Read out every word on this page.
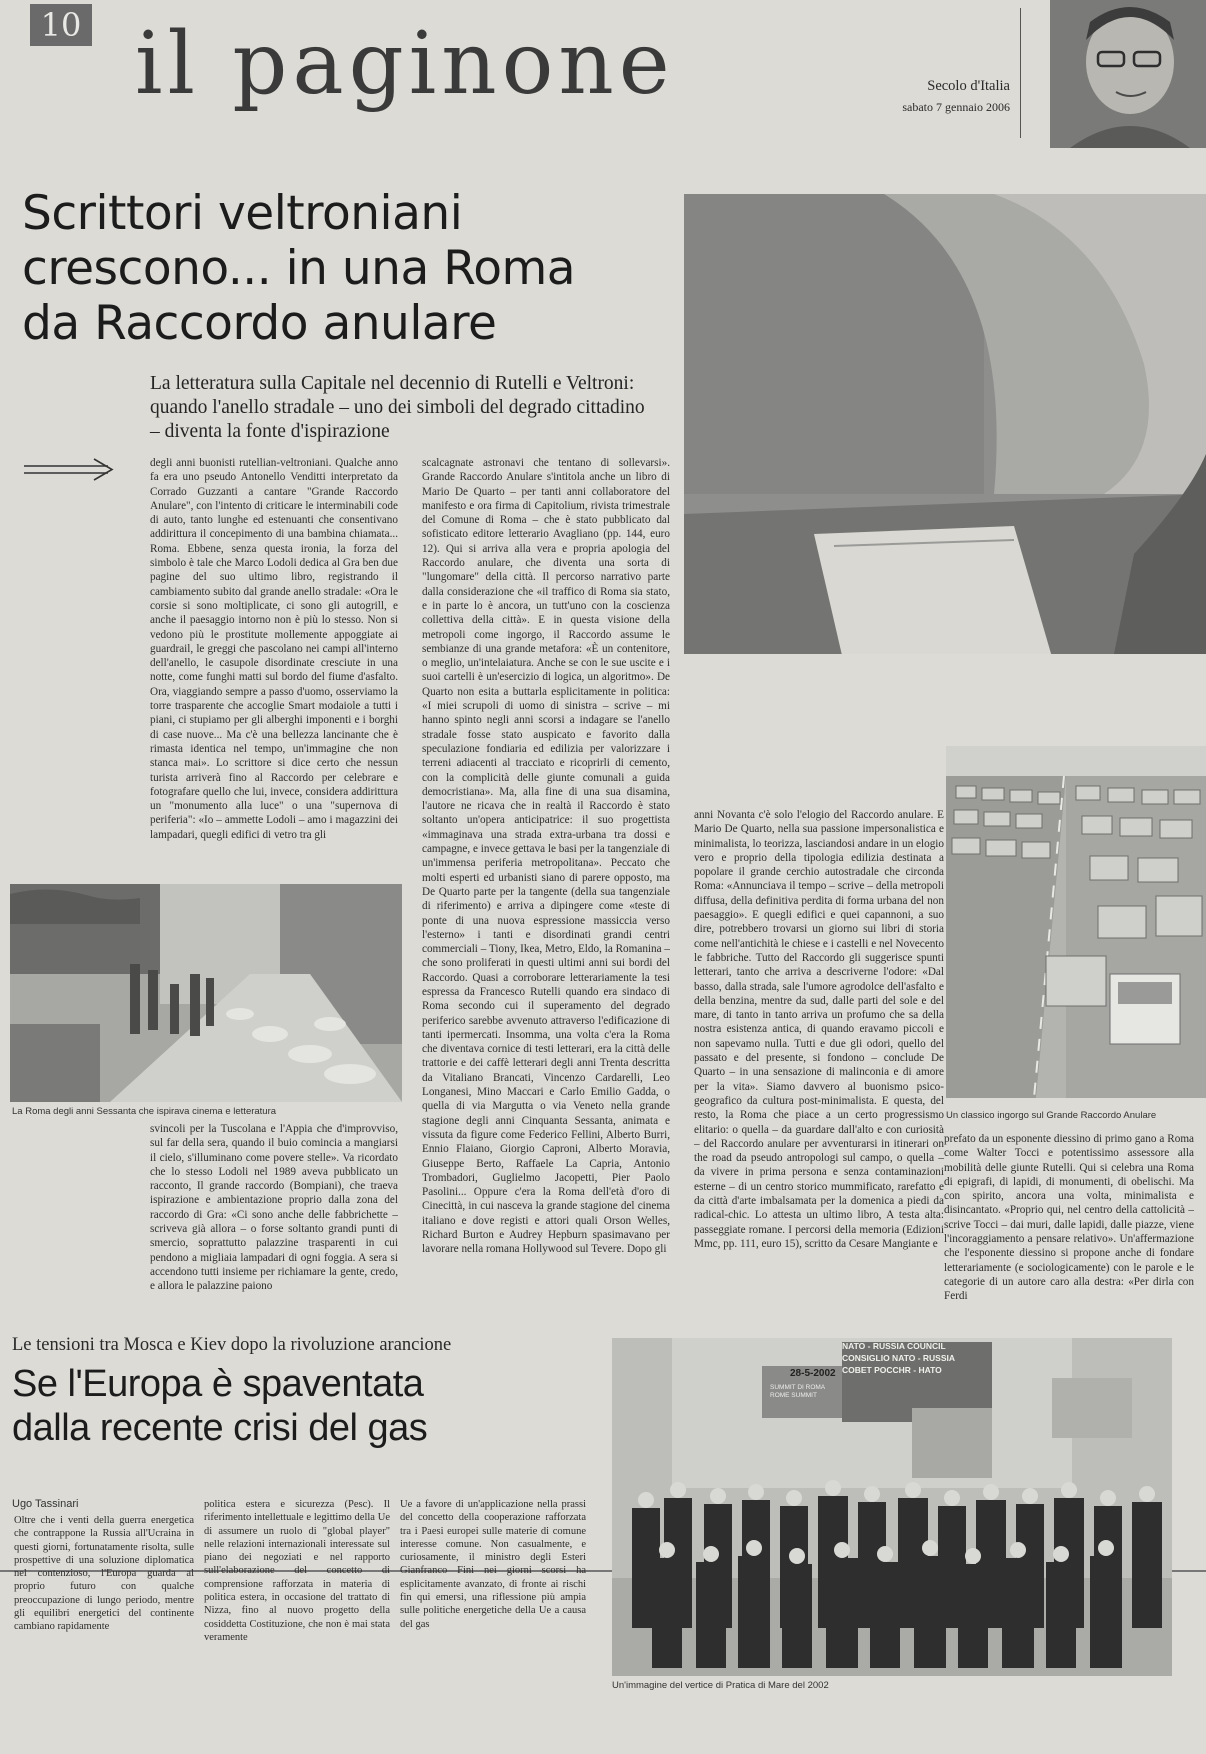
10 il paginone	Secolo d'Italia
sabato 7 gennaio 2006
Scrittori veltroniani
crescono... in una Roma
da Raccordo anulare
La letteratura sulla Capitale nel decennio di Rutelli e Veltroni: quando l'anello stradale – uno dei simboli del degrado cittadino – diventa la fonte d'ispirazione
degli anni buonisti rutellian-veltroniani. Qualche anno fa era uno pseudo Antonello Venditti interpretato da Corrado Guzzanti a cantare "Grande Raccordo Anulare", con l'intento di criticare le interminabili code di auto, tanto lunghe ed estenuanti che consentivano addirittura il concepimento di una bambina chiamata... Roma. Ebbene, senza questa ironia, la forza del simbolo è tale che Marco Lodoli dedica al Gra ben due pagine del suo ultimo libro, registrando il cambiamento subito dal grande anello stradale: «Ora le corsie si sono moltiplicate, ci sono gli autogrill, e anche il paesaggio intorno non è più lo stesso. Non si vedono più le prostitute mollemente appoggiate ai guardrail, le greggi che pascolano nei campi all'interno dell'anello, le casupole disordinate cresciute in una notte, come funghi matti sul bordo del fiume d'asfalto. Ora, viaggiando sempre a passo d'uomo, osserviamo la torre trasparente che accoglie Smart modaiole a tutti i piani, ci stupiamo per gli alberghi imponenti e i borghi di case nuove... Ma c'è una bellezza lancinante che è rimasta identica nel tempo, un'immagine che non stanca mai». Lo scrittore si dice certo che nessun turista arriverà fino al Raccordo per celebrare e fotografare quello che lui, invece, considera addirittura un "monumento alla luce" o una "supernova di periferia": «Io – ammette Lodoli – amo i magazzini dei lampadari, quegli edifici di vetro tra gli
scalcagnate astronavi che tentano di sollevarsi». Grande Raccordo Anulare s'intitola anche un libro di Mario De Quarto – per tanti anni collaboratore del manifesto e ora firma di Capitolium, rivista trimestrale del Comune di Roma – che è stato pubblicato dal sofisticato editore letterario Avagliano (pp. 144, euro 12). Qui si arriva alla vera e propria apologia del Raccordo anulare, che diventa una sorta di "lungomare" della città. Il percorso narrativo parte dalla considerazione che «il traffico di Roma sia stato, e in parte lo è ancora, un tutt'uno con la coscienza collettiva della città». E in questa visione della metropoli come ingorgo, il Raccordo assume le sembianze di una grande metafora: «È un contenitore, o meglio, un'intelaiatura. Anche se con le sue uscite e i suoi cartelli è un'esercizio di logica, un algoritmo». De Quarto non esita a buttarla esplicitamente in politica: «I miei scrupoli di uomo di sinistra – scrive – mi hanno spinto negli anni scorsi a indagare se l'anello stradale fosse stato auspicato e favorito dalla speculazione fondiaria ed edilizia per valorizzare i terreni adiacenti al tracciato e ricoprirli di cemento, con la complicità delle giunte comunali a guida democristiana». Ma, alla fine di una sua disamina, l'autore ne ricava che in realtà il Raccordo è stato soltanto un'opera anticipatrice: il suo progettista «immaginava una strada extra-urbana tra dossi e campagne, e invece gettava le basi per la tangenziale di un'immensa periferia metropolitana». Peccato che molti esperti ed urbanisti siano di parere opposto, ma De Quarto parte per la tangente (della sua tangenziale di riferimento) e arriva a dipingere come «teste di ponte di una nuova espressione massiccia verso l'esterno» i tanti e disordinati grandi centri commerciali – Tiony, Ikea, Metro, Eldo, la Romanina – che sono proliferati in questi ultimi anni sui bordi del Raccordo. Quasi a corroborare letterariamente la tesi espressa da Francesco Rutelli quando era sindaco di Roma secondo cui il superamento del degrado periferico sarebbe avvenuto attraverso l'edificazione di tanti ipermercati. Insomma, una volta c'era la Roma che diventava cornice di testi letterari, era la città delle trattorie e dei caffè letterari degli anni Trenta descritta da Vitaliano Brancati, Vincenzo Cardarelli, Leo Longanesi, Mino Maccari e Carlo Emilio Gadda, o quella di via Margutta o via Veneto nella grande stagione degli anni Cinquanta Sessanta, animata e vissuta da figure come Federico Fellini, Alberto Burri, Ennio Flaiano, Giorgio Caproni, Alberto Moravia, Giuseppe Berto, Raffaele La Capria, Antonio Trombadori, Guglielmo Jacopetti, Pier Paolo Pasolini... Oppure c'era la Roma dell'età d'oro di Cinecittà, in cui nasceva la grande stagione del cinema italiano e dove registi e attori quali Orson Welles, Richard Burton e Audrey Hepburn spasimavano per lavorare nella romana Hollywood sul Tevere. Dopo gli
svincoli per la Tuscolana e l'Appia che d'improvviso, sul far della sera, quando il buio comincia a mangiarsi il cielo, s'illuminano come povere stelle». Va ricordato che lo stesso Lodoli nel 1989 aveva pubblicato un racconto, Il grande raccordo (Bompiani), che traeva ispirazione e ambientazione proprio dalla zona del raccordo di Gra: «Ci sono anche delle fabbrichette – scriveva già allora – o forse soltanto grandi punti di smercio, soprattutto palazzine trasparenti in cui pendono a migliaia lampadari di ogni foggia. A sera si accendono tutti insieme per richiamare la gente, credo, e allora le palazzine paiono
anni Novanta c'è solo l'elogio del Raccordo anulare. E Mario De Quarto, nella sua passione impersonalistica e minimalista, lo teorizza, lasciandosi andare in un elogio vero e proprio della tipologia edilizia destinata a popolare il grande cerchio autostradale che circonda Roma: «Annunciava il tempo – scrive – della metropoli diffusa, della definitiva perdita di forma urbana del non paesaggio». E quegli edifici e quei capannoni, a suo dire, potrebbero trovarsi un giorno sui libri di storia come nell'antichità le chiese e i castelli e nel Novecento le fabbriche. Tutto del Raccordo gli suggerisce spunti letterari, tanto che arriva a descriverne l'odore: «Dal basso, dalla strada, sale l'umore agrodolce dell'asfalto e della benzina, mentre da sud, dalle parti del sole e del mare, di tanto in tanto arriva un profumo che sa della nostra esistenza antica, di quando eravamo piccoli e non sapevamo nulla. Tutti e due gli odori, quello del passato e del presente, si fondono – conclude De Quarto – in una sensazione di malinconia e di amore per la vita». Siamo davvero al buonismo psico-geografico da cultura post-minimalista. E questa, del resto, la Roma che piace a un certo progressismo elitario: o quella – da guardare dall'alto e con curiosità – del Raccordo anulare per avventurarsi in itinerari on the road da pseudo antropologi sul campo, o quella – da vivere in prima persona e senza contaminazioni esterne – di un centro storico mummificato, rarefatto e da città d'arte imbalsamata per la domenica a piedi da radical-chic. Lo attesta un ultimo libro, A testa alta: passeggiate romane. I percorsi della memoria (Edizioni Mmc, pp. 111, euro 15), scritto da Cesare Mangiante e
prefato da un esponente diessino di primo gano a Roma come Walter Tocci e potentissimo assessore alla mobilità delle giunte Rutelli. Qui si celebra una Roma di epigrafi, di lapidi, di monumenti, di obelischi. Ma con spirito, ancora una volta, minimalista e disincantato. «Proprio qui, nel centro della cattolicità – scrive Tocci – dai muri, dalle lapidi, dalle piazze, viene l'incoraggiamento a pensare relativo». Un'affermazione che l'esponente diessino si propone anche di fondare letterariamente (e sociologicamente) con le parole e le categorie di un autore caro alla destra: «Per dirla con Ferdi
Un classico ingorgo sul Grande Raccordo Anulare
La Roma degli anni Sessanta che ispirava cinema e letteratura
Le tensioni tra Mosca e Kiev dopo la rivoluzione arancione
Se l'Europa è spaventata
dalla recente crisi del gas
Ugo Tassinari
Oltre che i venti della guerra energetica che contrappone la Russia all'Ucraina in questi giorni, fortunatamente risolta, sulle prospettive di una soluzione diplomatica nel contenzioso, l'Europa guarda al proprio futuro con qualche preoccupazione di lungo periodo, mentre gli equilibri energetici del continente cambiano rapidamente
politica estera e sicurezza (Pesc). Il riferimento intellettuale e legittimo della Ue di assumere un ruolo di "global player" nelle relazioni internazionali interessate sul piano dei negoziati e nel rapporto sull'elaborazione del concetto di comprensione rafforzata in materia di politica estera, in occasione del trattato di Nizza, fino al nuovo progetto della cosiddetta Costituzione, che non è mai stata veramente
Ue a favore di un'applicazione nella prassi del concetto della cooperazione rafforzata tra i Paesi europei sulle materie di comune interesse comune. Non casualmente, e curiosamente, il ministro degli Esteri Gianfranco Fini nei giorni scorsi ha esplicitamente avanzato, di fronte ai rischi fin qui emersi, una riflessione più ampia sulle politiche energetiche della Ue a causa del gas
NATO - RUSSIA COUNCIL
CONSIGLIO NATO - RUSSIA
COBET POCCHR - HATO
28-5-2002
SUMMIT DI ROMA
ROME SUMMIT
Un'immagine del vertice di Pratica di Mare del 2002
